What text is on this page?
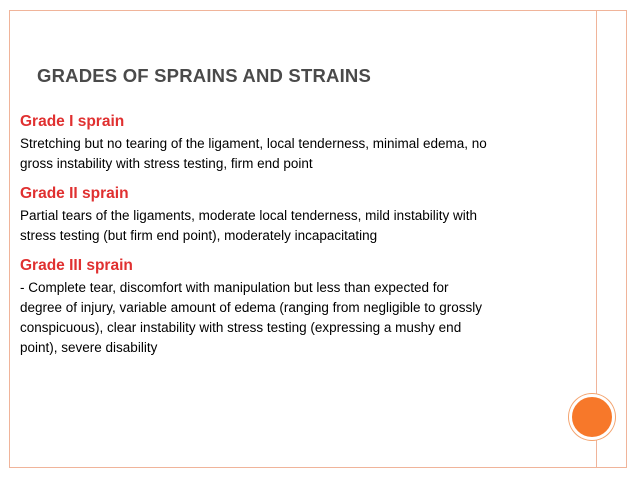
GRADES OF SPRAINS AND STRAINS
Grade I sprain

Stretching but no tearing of the ligament, local tenderness, minimal edema, no gross instability with stress testing, firm end point

Grade II sprain

Partial tears of the ligaments, moderate local tenderness, mild instability with stress testing (but firm end point), moderately incapacitating

Grade III sprain

- Complete tear, discomfort with manipulation but less than expected for degree of injury, variable amount of edema (ranging from negligible to grossly conspicuous), clear instability with stress testing (expressing a mushy end point), severe disability
